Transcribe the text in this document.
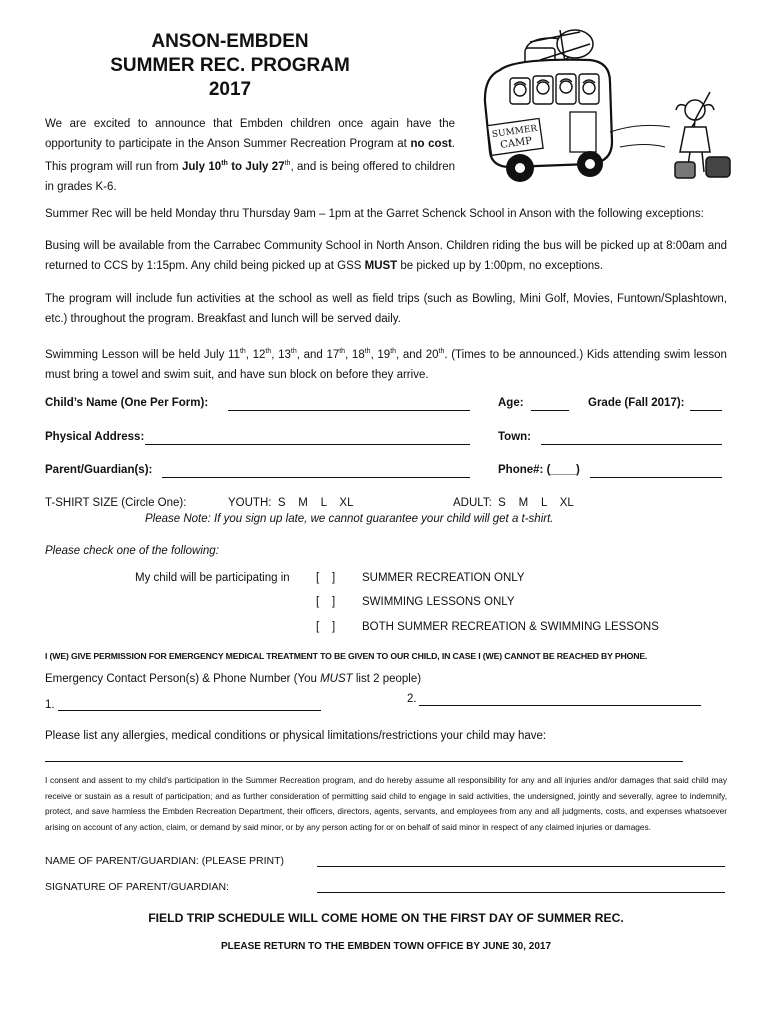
ANSON-EMBDEN
SUMMER REC. PROGRAM
2017
SUMMER
CAMP
We are excited to announce that Embden children once again have the opportunity to participate in the Anson Summer Recreation Program at no cost. This program will run from July 10th to July 27th, and is being offered to children in grades K-6.
Summer Rec will be held Monday thru Thursday 9am – 1pm at the Garret Schenck School in Anson with the following exceptions:
Busing will be available from the Carrabec Community School in North Anson. Children riding the bus will be picked up at 8:00am and returned to CCS by 1:15pm. Any child being picked up at GSS MUST be picked up by 1:00pm, no exceptions.
The program will include fun activities at the school as well as field trips (such as Bowling, Mini Golf, Movies, Funtown/Splashtown, etc.) throughout the program. Breakfast and lunch will be served daily.
Swimming Lesson will be held July 11th, 12th, 13th, and 17th, 18th, 19th, and 20th. (Times to be announced.) Kids attending swim lesson must bring a towel and swim suit, and have sun block on before they arrive.
Child’s Name (One Per Form):	Age:	Grade (Fall 2017):
Physical Address:	Town:
Parent/Guardian(s):	Phone#: (____)
T-SHIRT SIZE (Circle One):	YOUTH: S    M    L    XL	ADULT: S    M    L    XL
Please Note: If you sign up late, we cannot guarantee your child will get a t-shirt.
Please check one of the following:
My child will be participating in [    ] SUMMER RECREATION ONLY
[    ] SWIMMING LESSONS ONLY
[    ] BOTH SUMMER RECREATION & SWIMMING LESSONS
I (WE) GIVE PERMISSION FOR EMERGENCY MEDICAL TREATMENT TO BE GIVEN TO OUR CHILD, IN CASE I (WE) CANNOT BE REACHED BY PHONE.
Emergency Contact Person(s) & Phone Number (You MUST list 2 people)
1.	2.
Please list any allergies, medical conditions or physical limitations/restrictions your child may have:
I consent and assent to my child’s participation in the Summer Recreation program, and do hereby assume all responsibility for any and all injuries and/or damages that said child may receive or sustain as a result of participation; and as further consideration of permitting said child to engage in said activities, the undersigned, jointly and severally, agree to indemnify, protect, and save harmless the Embden Recreation Department, their officers, directors, agents, servants, and employees from any and all judgments, costs, and expenses whatsoever arising on account of any action, claim, or demand by said minor, or by any person acting for or on behalf of said minor in respect of any claimed injuries or damages.
NAME OF PARENT/GUARDIAN: (PLEASE PRINT)
SIGNATURE OF PARENT/GUARDIAN:
FIELD TRIP SCHEDULE WILL COME HOME ON THE FIRST DAY OF SUMMER REC.
PLEASE RETURN TO THE EMBDEN TOWN OFFICE BY JUNE 30, 2017
